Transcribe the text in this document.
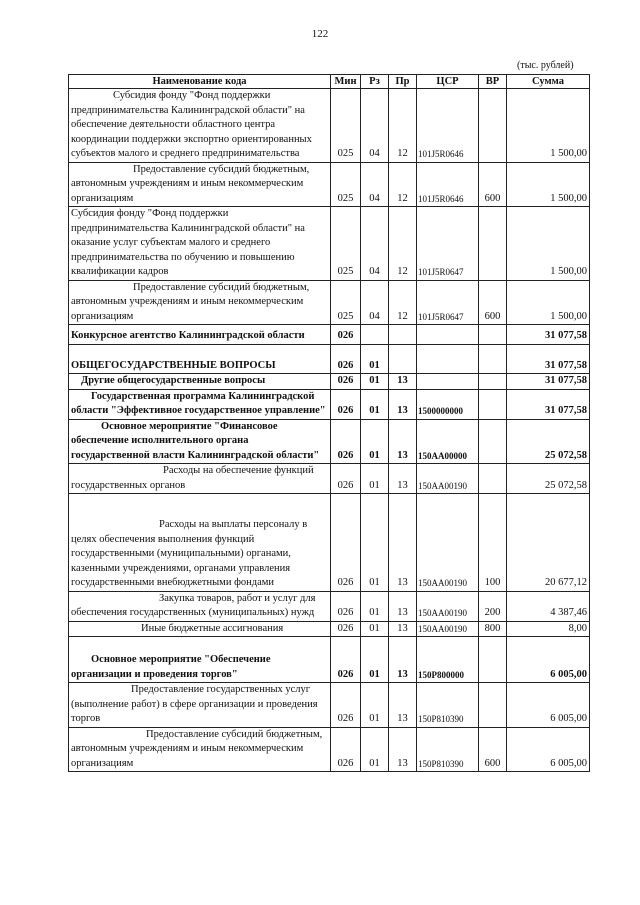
122
(тыс. рублей)
Наименование кода	Мин	Рз	Пр	ЦСР	ВР	Сумма
Субсидия фонду "Фонд поддержки предпринимательства Калининградской области" на обеспечение деятельности областного центра координации поддержки экспортно ориентированных субъектов малого и среднего предпринимательства	025	04	12	101J5R0646		1 500,00
Предоставление субсидий бюджетным, автономным учреждениям и иным некоммерческим организациям	025	04	12	101J5R0646	600	1 500,00
Субсидия фонду "Фонд поддержки предпринимательства Калининградской области" на оказание услуг субъектам малого и среднего предпринимательства по обучению и повышению квалификации кадров	025	04	12	101J5R0647		1 500,00
Предоставление субсидий бюджетным, автономным учреждениям и иным некоммерческим организациям	025	04	12	101J5R0647	600	1 500,00
Конкурсное агентство Калининградской области	026					31 077,58
ОБЩЕГОСУДАРСТВЕННЫЕ ВОПРОСЫ	026	01				31 077,58
Другие общегосударственные вопросы	026	01	13			31 077,58
Государственная программа Калининградской области "Эффективное государственное управление"	026	01	13	1500000000		31 077,58
Основное мероприятие "Финансовое обеспечение исполнительного органа государственной власти Калининградской области"	026	01	13	150AA00000		25 072,58
Расходы на обеспечение функций государственных органов	026	01	13	150AA00190		25 072,58
Расходы на выплаты персоналу в целях обеспечения выполнения функций государственными (муниципальными) органами, казенными учреждениями, органами управления государственными внебюджетными фондами	026	01	13	150AA00190	100	20 677,12
Закупка товаров, работ и услуг для обеспечения государственных (муниципальных) нужд	026	01	13	150AA00190	200	4 387,46
Иные бюджетные ассигнования	026	01	13	150AA00190	800	8,00
Основное мероприятие "Обеспечение организации и проведения торгов"	026	01	13	150P800000		6 005,00
Предоставление государственных услуг (выполнение работ) в сфере организации и проведения торгов	026	01	13	150P810390		6 005,00
Предоставление субсидий бюджетным, автономным учреждениям и иным некоммерческим организациям	026	01	13	150P810390	600	6 005,00
